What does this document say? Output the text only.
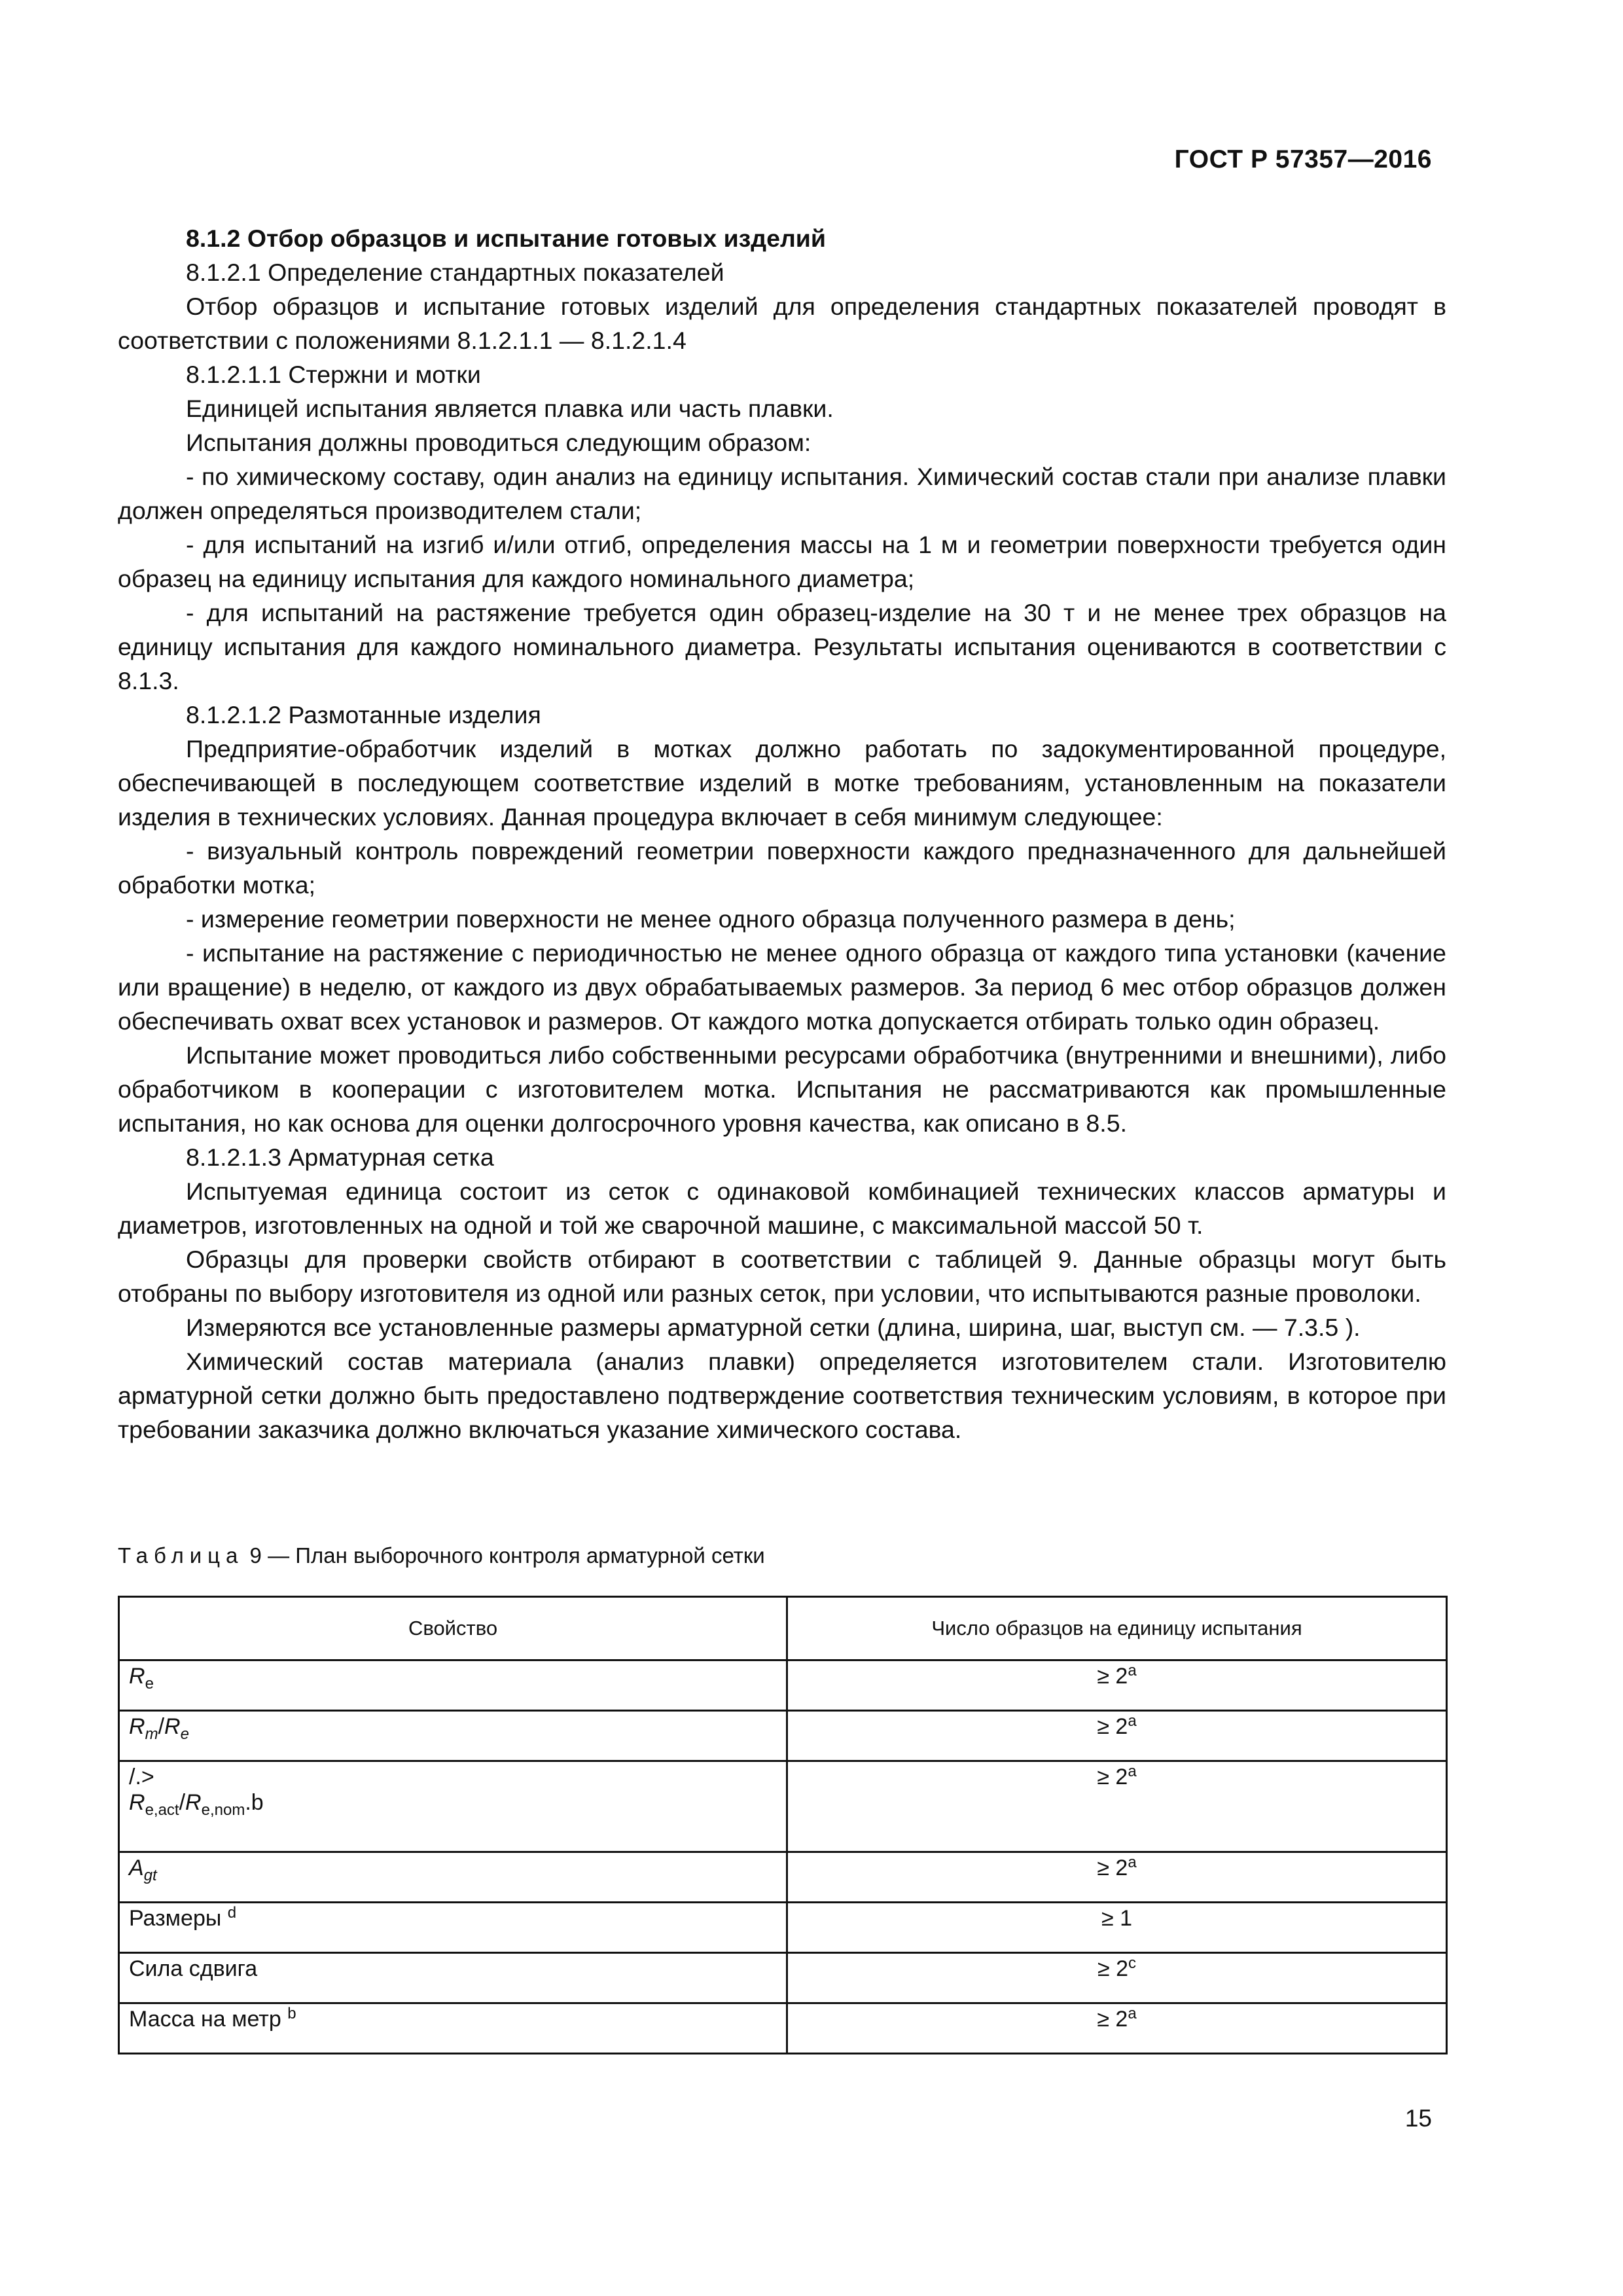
ГОСТ Р 57357—2016

8.1.2 Отбор образцов и испытание готовых изделий

8.1.2.1 Определение стандартных показателей

Отбор образцов и испытание готовых изделий для определения стандартных показателей проводят в соответствии с положениями 8.1.2.1.1 — 8.1.2.1.4

8.1.2.1.1 Стержни и мотки

Единицей испытания является плавка или часть плавки.

Испытания должны проводиться следующим образом:

- по химическому составу, один анализ на единицу испытания. Химический состав стали при анализе плавки должен определяться производителем стали;

- для испытаний на изгиб и/или отгиб, определения массы на 1 м и геометрии поверхности требуется один образец на единицу испытания для каждого номинального диаметра;

- для испытаний на растяжение требуется один образец-изделие на 30 т и не менее трех образцов на единицу испытания для каждого номинального диаметра. Результаты испытания оцениваются в соответствии с 8.1.3.

8.1.2.1.2 Размотанные изделия

Предприятие-обработчик изделий в мотках должно работать по задокументированной процедуре, обеспечивающей в последующем соответствие изделий в мотке требованиям, установленным на показатели изделия в технических условиях. Данная процедура включает в себя минимум следующее:

- визуальный контроль повреждений геометрии поверхности каждого предназначенного для дальнейшей обработки мотка;

- измерение геометрии поверхности не менее одного образца полученного размера в день;

- испытание на растяжение с периодичностью не менее одного образца от каждого типа установки (качение или вращение) в неделю, от каждого из двух обрабатываемых размеров. За период 6 мес отбор образцов должен обеспечивать охват всех установок и размеров. От каждого мотка допускается отбирать только один образец.

Испытание может проводиться либо собственными ресурсами обработчика (внутренними и внешними), либо обработчиком в кооперации с изготовителем мотка. Испытания не рассматриваются как промышленные испытания, но как основа для оценки долгосрочного уровня качества, как описано в 8.5.

8.1.2.1.3 Арматурная сетка

Испытуемая единица состоит из сеток с одинаковой комбинацией технических классов арматуры и диаметров, изготовленных на одной и той же сварочной машине, с максимальной массой 50 т.

Образцы для проверки свойств отбирают в соответствии с таблицей 9. Данные образцы могут быть отобраны по выбору изготовителя из одной или разных сеток, при условии, что испытываются разные проволоки.

Измеряются все установленные размеры арматурной сетки (длина, ширина, шаг, выступ см. — 7.3.5 ).

Химический состав материала (анализ плавки) определяется изготовителем стали. Изготовителю арматурной сетки должно быть предоставлено подтверждение соответствия техническим условиям, в которое при требовании заказчика должно включаться указание химического состава.

Таблица 9 — План выборочного контроля арматурной сетки
Свойство	Число образцов на единицу испытания
$R_e$	≥ $2^a$
$R_m/R_e$	≥ $2^a$

/.>
$R_{e,act}/R_{e,nom}.b$	≥ $2^a$
$A_{gt}$	≥ $2^a$
Размеры $^d$	≥ 1
Сила сдвига	≥ $2^c$
Масса на метр $^b$	≥ $2^a$
15
